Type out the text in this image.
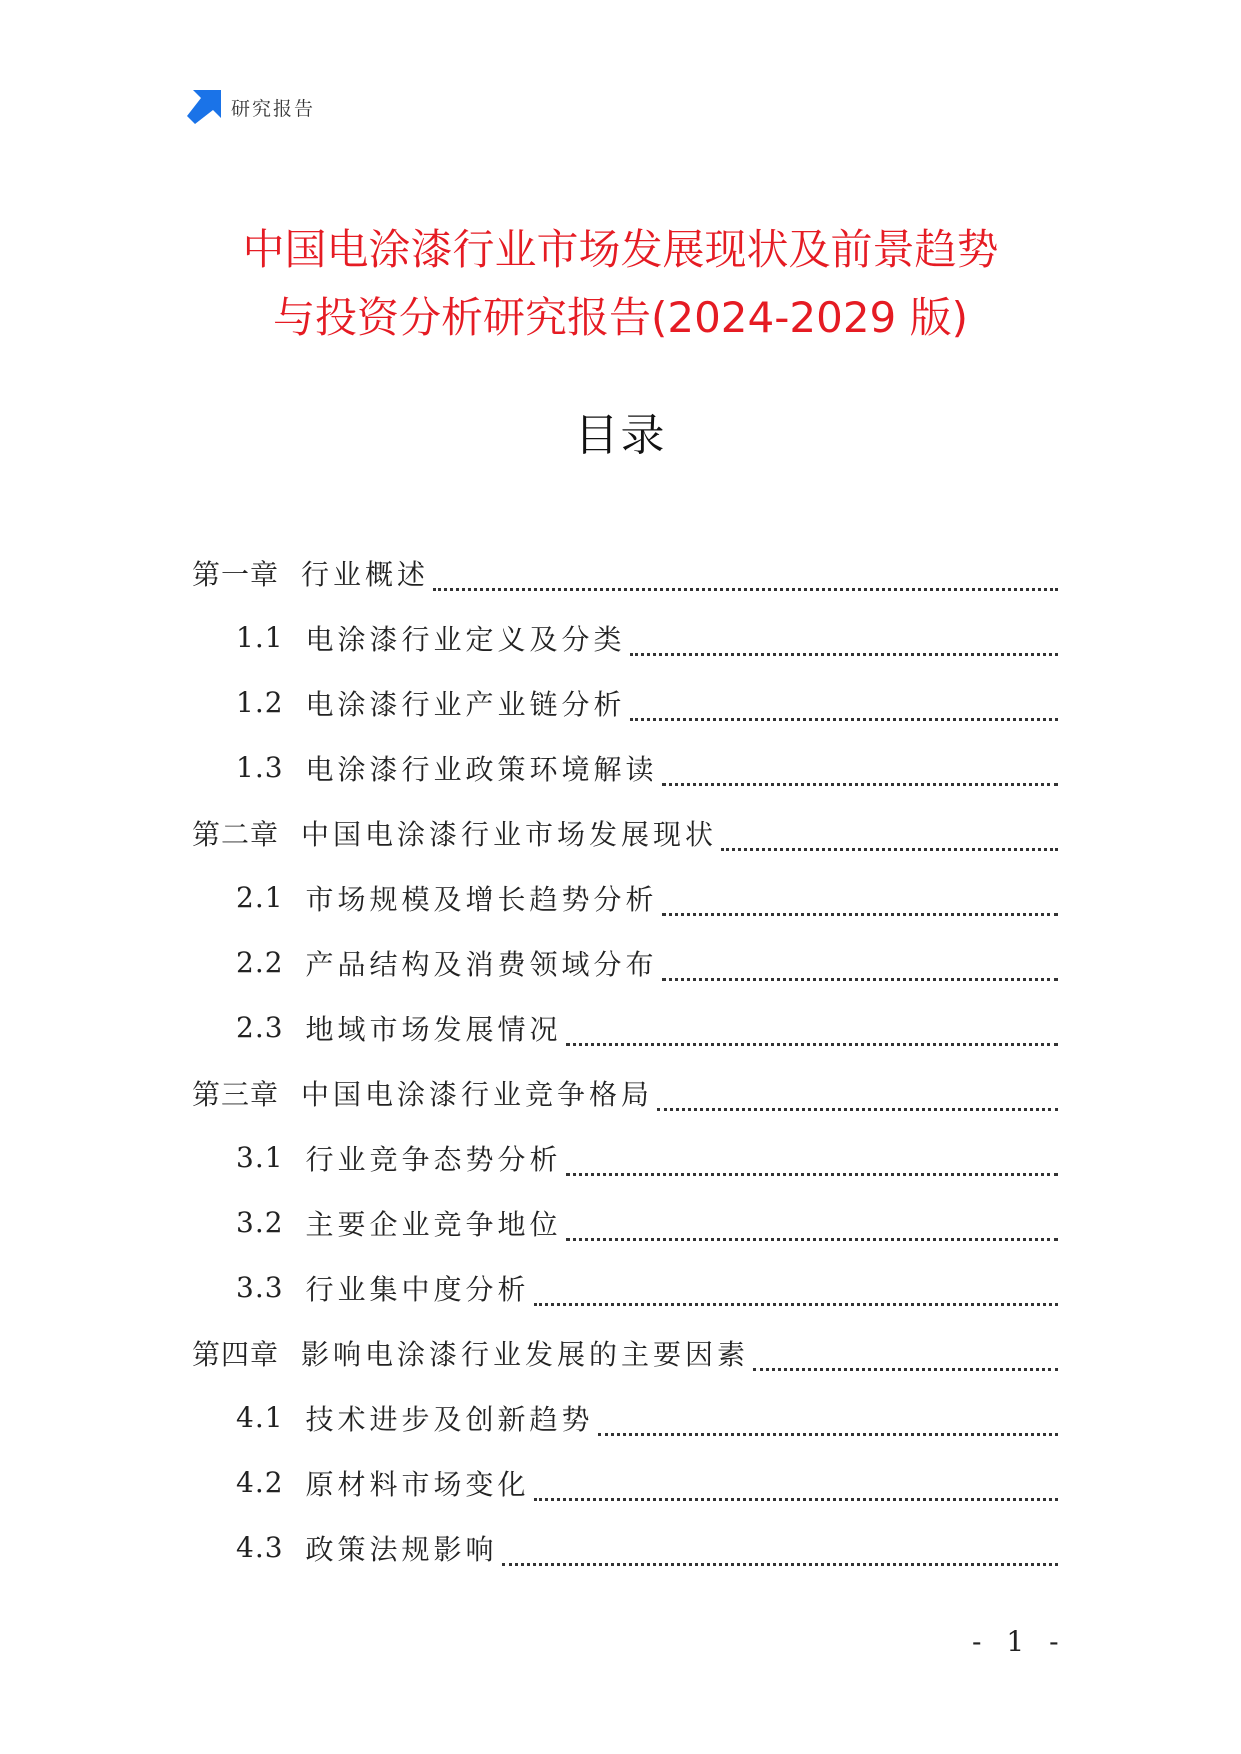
研究报告
中国电涂漆行业市场发展现状及前景趋势
与投资分析研究报告(2024-2029 版)
目录
第一章 行业概述
1.1 电涂漆行业定义及分类
1.2 电涂漆行业产业链分析
1.3 电涂漆行业政策环境解读
第二章 中国电涂漆行业市场发展现状
2.1 市场规模及增长趋势分析
2.2 产品结构及消费领域分布
2.3 地域市场发展情况
第三章 中国电涂漆行业竞争格局
3.1 行业竞争态势分析
3.2 主要企业竞争地位
3.3 行业集中度分析
第四章 影响电涂漆行业发展的主要因素
4.1 技术进步及创新趋势
4.2 原材料市场变化
4.3 政策法规影响
- 1 -
